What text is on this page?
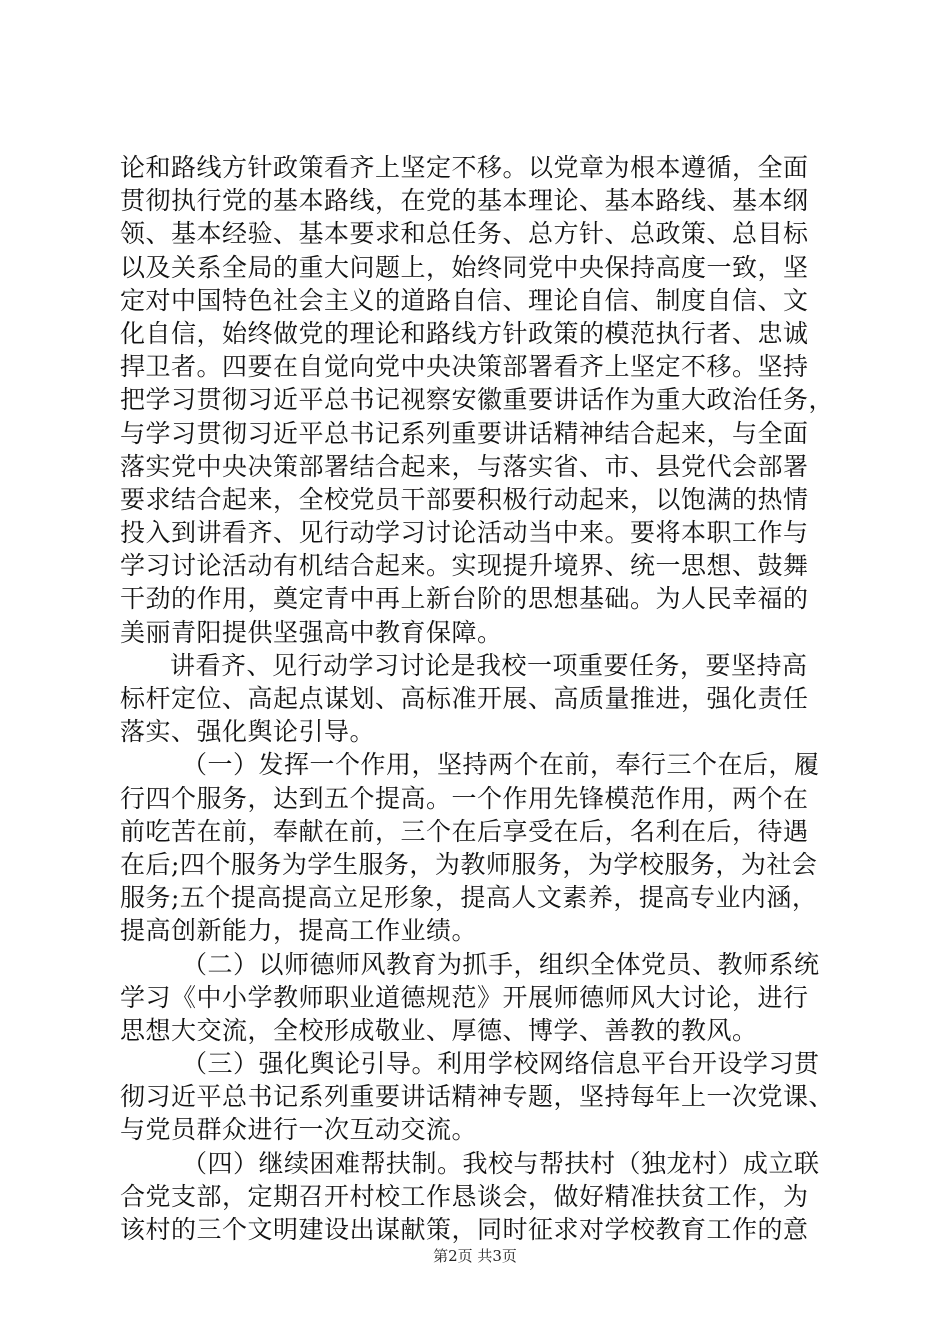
论和路线方针政策看齐上坚定不移。以党章为根本遵循，全面
贯彻执行党的基本路线，在党的基本理论、基本路线、基本纲
领、基本经验、基本要求和总任务、总方针、总政策、总目标
以及关系全局的重大问题上，始终同党中央保持高度一致，坚
定对中国特色社会主义的道路自信、理论自信、制度自信、文
化自信，始终做党的理论和路线方针政策的模范执行者、忠诚
捍卫者。四要在自觉向党中央决策部署看齐上坚定不移。坚持
把学习贯彻习近平总书记视察安徽重要讲话作为重大政治任务，
与学习贯彻习近平总书记系列重要讲话精神结合起来，与全面
落实党中央决策部署结合起来，与落实省、市、县党代会部署
要求结合起来，全校党员干部要积极行动起来，以饱满的热情
投入到讲看齐、见行动学习讨论活动当中来。要将本职工作与
学习讨论活动有机结合起来。实现提升境界、统一思想、鼓舞
干劲的作用，奠定青中再上新台阶的思想基础。为人民幸福的
美丽青阳提供坚强高中教育保障。
讲看齐、见行动学习讨论是我校一项重要任务，要坚持高
标杆定位、高起点谋划、高标准开展、高质量推进，强化责任
落实、强化舆论引导。
（一）发挥一个作用，坚持两个在前，奉行三个在后，履
行四个服务，达到五个提高。一个作用先锋模范作用，两个在
前吃苦在前，奉献在前，三个在后享受在后，名利在后，待遇
在后;四个服务为学生服务，为教师服务，为学校服务，为社会
服务;五个提高提高立足形象，提高人文素养，提高专业内涵，
提高创新能力，提高工作业绩。
（二）以师德师风教育为抓手，组织全体党员、教师系统
学习《中小学教师职业道德规范》开展师德师风大讨论，进行
思想大交流，全校形成敬业、厚德、博学、善教的教风。
（三）强化舆论引导。利用学校网络信息平台开设学习贯
彻习近平总书记系列重要讲话精神专题，坚持每年上一次党课、
与党员群众进行一次互动交流。
（四）继续困难帮扶制。我校与帮扶村（独龙村）成立联
合党支部，定期召开村校工作恳谈会，做好精准扶贫工作，为
该村的三个文明建设出谋献策，同时征求对学校教育工作的意
第2页 共3页
